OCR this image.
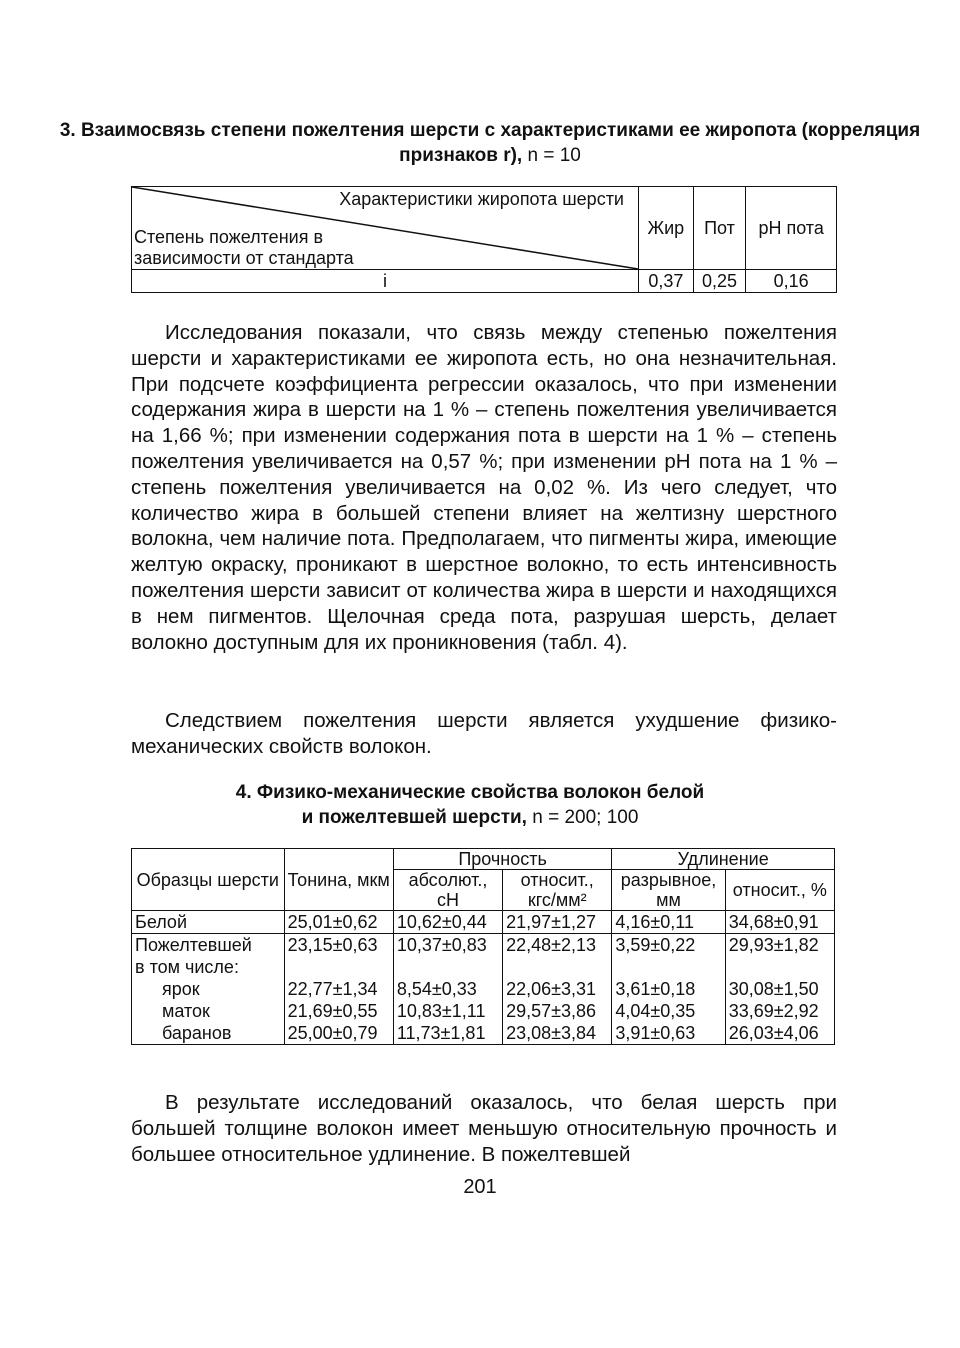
3. Взаимосвязь степени пожелтения шерсти с характеристиками ее жиропота (корреляция признаков r), n = 10
Характеристики жиропота шерсти
Степень пожелтения в
зависимости от стандарта	Жир	Пот	pH пота
i	0,37	0,25	0,16
Исследования показали, что связь между степенью пожелтения шерсти и характеристиками ее жиропота есть, но она незначительная. При подсчете коэффициента регрессии оказалось, что при изменении содержания жира в шерсти на 1 % – степень пожелтения увеличивается на 1,66 %; при изменении содержания пота в шерсти на 1 % – степень пожелтения увеличивается на 0,57 %; при изменении pH пота на 1 % – степень пожелтения увеличивается на 0,02 %. Из чего следует, что количество жира в большей степени влияет на желтизну шерстного волокна, чем наличие пота. Предполагаем, что пигменты жира, имеющие желтую окраску, проникают в шерстное волокно, то есть интенсивность пожелтения шерсти зависит от количества жира в шерсти и находящихся в нем пигментов. Щелочная среда пота, разрушая шерсть, делает волокно доступным для их проникновения (табл. 4).
Следствием пожелтения шерсти является ухудшение физико-механических свойств волокон.
4. Физико-механические свойства волокон белой
и пожелтевшей шерсти, n = 200; 100
Образцы шерсти	Тонина, мкм	Прочность		Удлинение	
		абсолют., сН	относит., кгс/мм²	разрывное, мм	относит., %
Белой	25,01±0,62	10,62±0,44	21,97±1,27	4,16±0,11	34,68±0,91
Пожелтевшей	23,15±0,63	10,37±0,83	22,48±2,13	3,59±0,22	29,93±1,82
в том числе:					
ярок	22,77±1,34	8,54±0,33	22,06±3,31	3,61±0,18	30,08±1,50
маток	21,69±0,55	10,83±1,11	29,57±3,86	4,04±0,35	33,69±2,92
баранов	25,00±0,79	11,73±1,81	23,08±3,84	3,91±0,63	26,03±4,06
В результате исследований оказалось, что белая шерсть при большей толщине волокон имеет меньшую относительную прочность и большее относительное удлинение. В пожелтевшей
201
